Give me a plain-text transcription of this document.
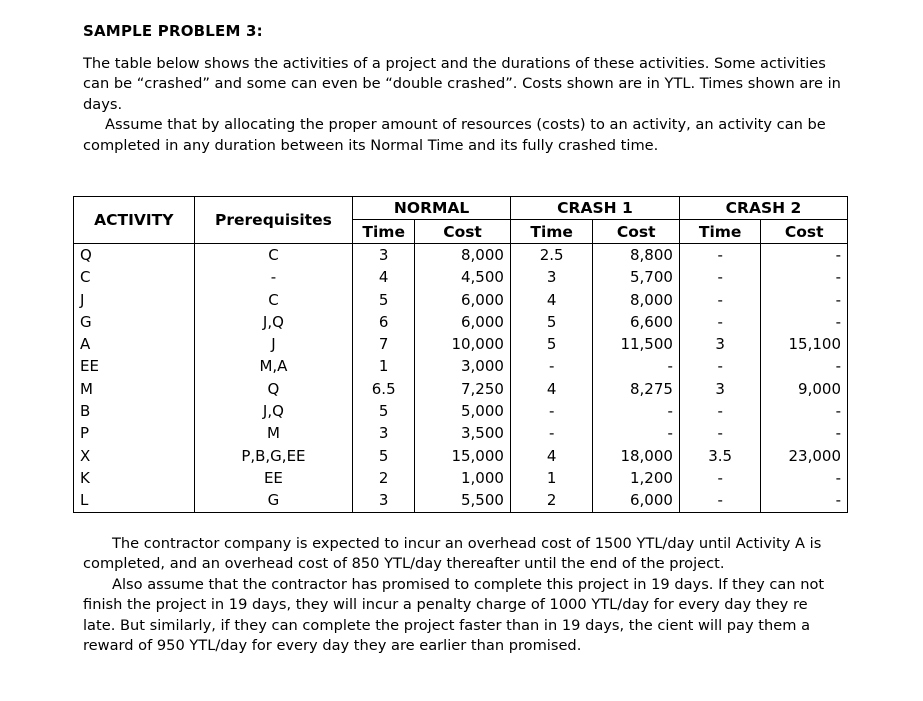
SAMPLE PROBLEM 3:

The table below shows the activities of a project and the durations of these activities. Some activities can be “crashed” and some can even be “double crashed”. Costs shown are in YTL. Times shown are in days.

Assume that by allocating the proper amount of resources (costs) to an activity, an activity can be completed in any duration between its Normal Time and its fully crashed time.

ACTIVITY	Prerequisites	NORMAL		CRASH 1		CRASH 2	
		Time	Cost	Time	Cost	Time	Cost
Q	C	3	8,000	2.5	8,800	-	-
C	-	4	4,500	3	5,700	-	-
J	C	5	6,000	4	8,000	-	-
G	J,Q	6	6,000	5	6,600	-	-
A	J	7	10,000	5	11,500	3	15,100
EE	M,A	1	3,000	-	-	-	-
M	Q	6.5	7,250	4	8,275	3	9,000
B	J,Q	5	5,000	-	-	-	-
P	M	3	3,500	-	-	-	-
X	P,B,G,EE	5	15,000	4	18,000	3.5	23,000
K	EE	2	1,000	1	1,200	-	-
L	G	3	5,500	2	6,000	-	-

The contractor company is expected to incur an overhead cost of 1500 YTL/day until Activity A is completed, and an overhead cost of 850 YTL/day thereafter until the end of the project.

Also assume that the contractor has promised to complete this project in 19 days. If they can not finish the project in 19 days, they will incur a penalty charge of 1000 YTL/day for every day they re late. But similarly, if they can complete the project faster than in 19 days, the cient will pay them a reward of 950 YTL/day for every day they are earlier than promised.
